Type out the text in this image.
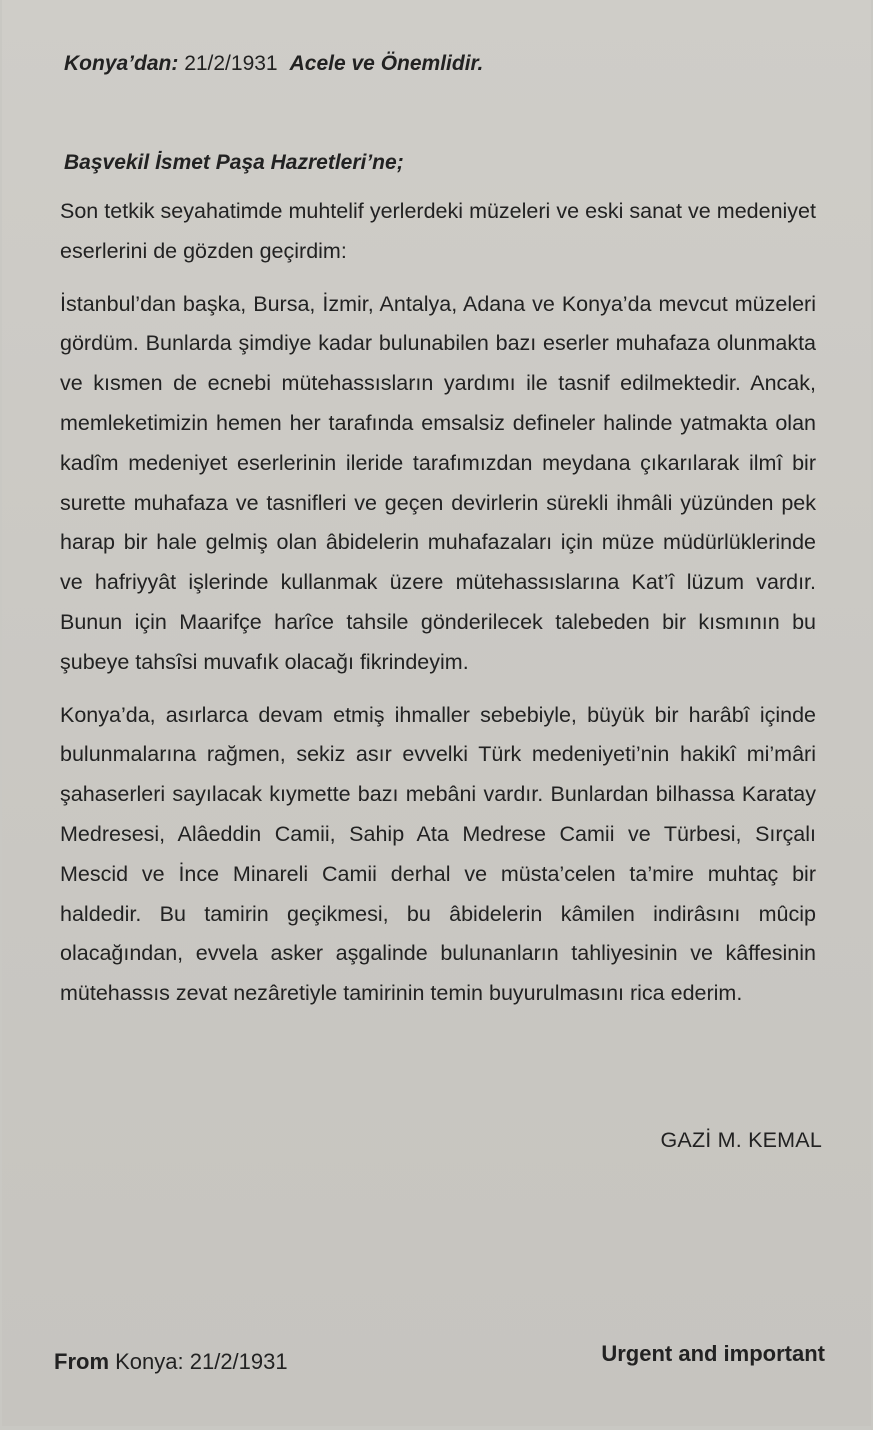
Konya’dan: 21/2/1931 Acele ve Önemlidir.
Başvekil İsmet Paşa Hazretleri’ne;

Son tetkik seyahatimde muhtelif yerlerdeki müzeleri ve eski sanat ve medeniyet eserlerini de gözden geçirdim:

İstanbul’dan başka, Bursa, İzmir, Antalya, Adana ve Konya’da mevcut müzeleri gördüm. Bunlarda şimdiye kadar bulunabilen bazı eserler muhafaza olunmakta ve kısmen de ecnebi mütehassısların yardımı ile tasnif edilmektedir. Ancak, memleketimizin hemen her tarafında emsalsiz defineler halinde yatmakta olan kadîm medeniyet eserlerinin ileride tarafımızdan meydana çıkarılarak ilmî bir surette muhafaza ve tasnifleri ve geçen devirlerin sürekli ihmâli yüzünden pek harap bir hale gelmiş olan âbidelerin muhafazaları için müze müdürlüklerinde ve hafriyyât işlerinde kullanmak üzere mütehassıslarına Kat’î lüzum vardır. Bunun için Maarifçe harîce tahsile gönderilecek talebeden bir kısmının bu şubeye tahsîsi muvafık olacağı fikrindeyim.

Konya’da, asırlarca devam etmiş ihmaller sebebiyle, büyük bir harâbî içinde bulunmalarına rağmen, sekiz asır evvelki Türk medeniyeti’nin hakikî mi’mâri şahaserleri sayılacak kıymette bazı mebâni vardır. Bunlardan bilhassa Karatay Medresesi, Alâeddin Camii, Sahip Ata Medrese Camii ve Türbesi, Sırçalı Mescid ve İnce Minareli Camii derhal ve müsta’celen ta’mire muhtaç bir haldedir. Bu tamirin geçikmesi, bu âbidelerin kâmilen indirâsını mûcip olacağından, evvela asker aşgalinde bulunanların tahliyesinin ve kâffesinin mütehassıs zevat nezâretiyle tamirinin temin buyurulmasını rica ederim.

GAZİ M. KEMAL
From Konya: 21/2/1931	Urgent and important
